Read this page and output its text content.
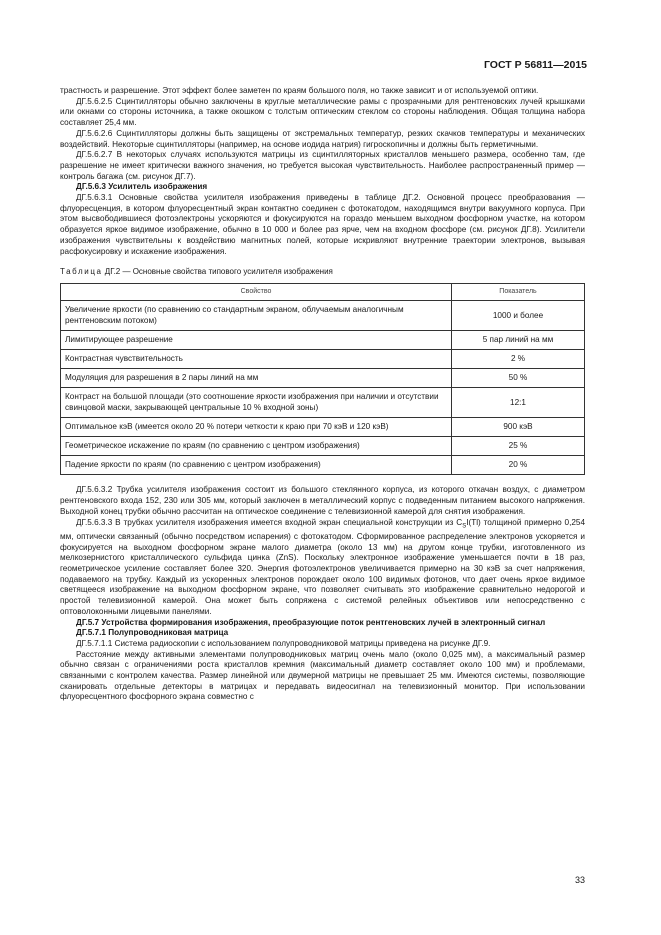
ГОСТ Р 56811—2015

трастность и разрешение. Этот эффект более заметен по краям большого поля, но также зависит и от используемой оптики.

ДГ.5.6.2.5 Сцинтилляторы обычно заключены в круглые металлические рамы с прозрачными для рентгеновских лучей крышками или окнами со стороны источника, а также окошком с толстым оптическим стеклом со стороны наблюдения. Общая толщина набора составляет 25,4 мм.

ДГ.5.6.2.6 Сцинтилляторы должны быть защищены от экстремальных температур, резких скачков температуры и механических воздействий. Некоторые сцинтилляторы (например, на основе иодида натрия) гигроскопичны и должны быть герметичными.

ДГ.5.6.2.7 В некоторых случаях используются матрицы из сцинтилляторных кристаллов меньшего размера, особенно там, где разрешение не имеет критически важного значения, но требуется высокая чувствительность. Наиболее распространенный пример — контроль багажа (см. рисунок ДГ.7).

ДГ.5.6.3 Усилитель изображения

ДГ.5.6.3.1 Основные свойства усилителя изображения приведены в таблице ДГ.2. Основной процесс преобразования — флуоресценция, в котором флуоресцентный экран контактно соединен с фотокатодом, находящимся внутри вакуумного корпуса. При этом высвободившиеся фотоэлектроны ускоряются и фокусируются на гораздо меньшем выходном фосфорном участке, на котором образуется яркое видимое изображение, обычно в 10 000 и более раз ярче, чем на входном фосфоре (см. рисунок ДГ.8). Усилители изображения чувствительны к воздействию магнитных полей, которые искривляют внутренние траектории электронов, вызывая расфокусировку и искажение изображения.

Таблица ДГ.2 — Основные свойства типового усилителя изображения
Свойство	Показатель
Увеличение яркости (по сравнению со стандартным экраном, облучаемым аналогичным рентгеновским потоком)	1000 и более
Лимитирующее разрешение	5 пар линий на мм
Контрастная чувствительность	2 %
Модуляция для разрешения в 2 пары линий на мм	50 %
Контраст на большой площади (это соотношение яркости изображения при наличии и отсутствии свинцовой маски, закрывающей центральные 10 % входной зоны)	12:1
Оптимальное кэВ (имеется около 20 % потери четкости к краю при 70 кэВ и 120 кэВ)	900 кэВ
Геометрическое искажение по краям (по сравнению с центром изображения)	25 %
Падение яркости по краям (по сравнению с центром изображения)	20 %

ДГ.5.6.3.2 Трубка усилителя изображения состоит из большого стеклянного корпуса, из которого откачан воздух, с диаметром рентгеновского входа 152, 230 или 305 мм, который заключен в металлический корпус с подведенным питанием высокого напряжения. Выходной конец трубки обычно рассчитан на оптическое соединение с телевизионной камерой для снятия изображения.

ДГ.5.6.3.3 В трубках усилителя изображения имеется входной экран специальной конструкции из $C_SI(Tl)$ толщиной примерно 0,254 мм, оптически связанный (обычно посредством испарения) с фотокатодом. Сформированное распределение электронов ускоряется и фокусируется на выходном фосфорном экране малого диаметра (около 13 мм) на другом конце трубки, изготовленного из мелкозернистого кристаллического сульфида цинка (ZnS). Поскольку электронное изображение уменьшается почти в 18 раз, геометрическое усиление составляет более 320. Энергия фотоэлектронов увеличивается примерно на 30 кэВ за счет напряжения, подаваемого на трубку. Каждый из ускоренных электронов порождает около 100 видимых фотонов, что дает очень яркое видимое светящееся изображение на выходном фосфорном экране, что позволяет считывать это изображение сравнительно недорогой и простой телевизионной камерой. Она может быть сопряжена с системой релейных объективов или непосредственно с оптоволоконными лицевыми панелями.

ДГ.5.7 Устройства формирования изображения, преобразующие поток рентгеновских лучей в электронный сигнал

ДГ.5.7.1 Полупроводниковая матрица

ДГ.5.7.1.1 Система радиоскопии с использованием полупроводниковой матрицы приведена на рисунке ДГ.9.

Расстояние между активными элементами полупроводниковых матриц очень мало (около 0,025 мм), а максимальный размер обычно связан с ограничениями роста кристаллов кремния (максимальный диаметр составляет около 100 мм) и проблемами, связанными с контролем качества. Размер линейной или двумерной матрицы не превышает 25 мм. Имеются системы, позволяющие сканировать отдельные детекторы в матрицах и передавать видеосигнал на телевизионный монитор. При использовании флуоресцентного фосфорного экрана совместно с

33
